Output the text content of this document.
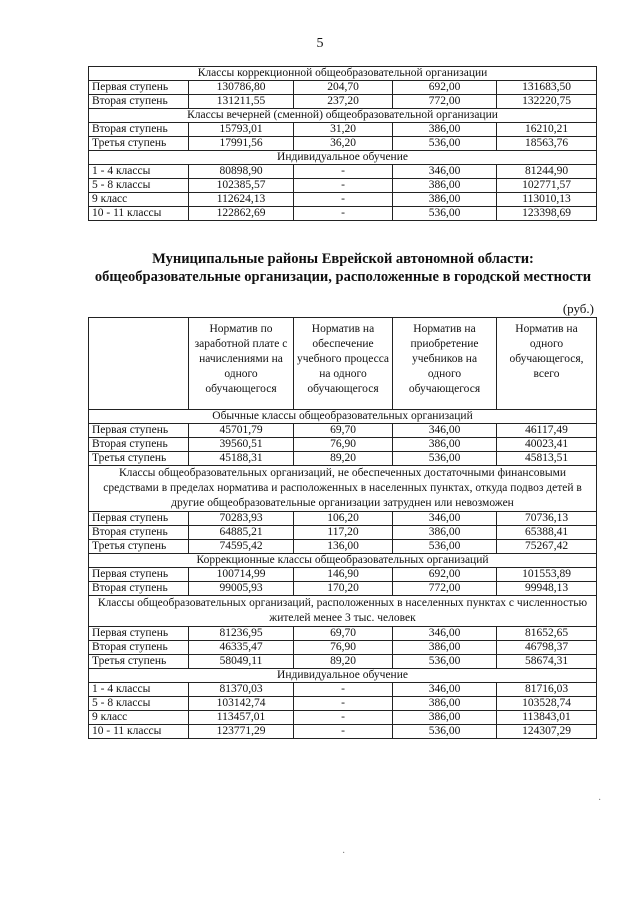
5
Классы коррекционной общеобразовательной организации				
Первая ступень	130786,80	204,70	692,00	131683,50
Вторая ступень	131211,55	237,20	772,00	132220,75
Классы вечерней (сменной) общеобразовательной организации				
Вторая ступень	15793,01	31,20	386,00	16210,21
Третья ступень	17991,56	36,20	536,00	18563,76
Индивидуальное обучение				
1 - 4 классы	80898,90	-	346,00	81244,90
5 - 8 классы	102385,57	-	386,00	102771,57
9 класс	112624,13	-	386,00	113010,13
10 - 11 классы	122862,69	-	536,00	123398,69
Муниципальные районы Еврейской автономной области: общеобразовательные организации, расположенные в городской местности
(руб.)
	Норматив по заработной плате с начислениями на одного обучающегося	Норматив на обеспечение учебного процесса на одного обучающегося	Норматив на приобретение учебников на одного обучающегося	Норматив на одного обучающегося, всего
Обычные классы общеобразовательных организаций				
Первая ступень	45701,79	69,70	346,00	46117,49
Вторая ступень	39560,51	76,90	386,00	40023,41
Третья ступень	45188,31	89,20	536,00	45813,51
Классы общеобразовательных организаций, не обеспеченных достаточными финансовыми средствами в пределах норматива и расположенных в населенных пунктах, откуда подвоз детей в другие общеобразовательные организации затруднен или невозможен				
Первая ступень	70283,93	106,20	346,00	70736,13
Вторая ступень	64885,21	117,20	386,00	65388,41
Третья ступень	74595,42	136,00	536,00	75267,42
Коррекционные классы общеобразовательных организаций				
Первая ступень	100714,99	146,90	692,00	101553,89
Вторая ступень	99005,93	170,20	772,00	99948,13
Классы общеобразовательных организаций, расположенных в населенных пунктах с численностью жителей менее 3 тыс. человек				
Первая ступень	81236,95	69,70	346,00	81652,65
Вторая ступень	46335,47	76,90	386,00	46798,37
Третья ступень	58049,11	89,20	536,00	58674,31
Индивидуальное обучение				
1 - 4 классы	81370,03	-	346,00	81716,03
5 - 8 классы	103142,74	-	386,00	103528,74
9 класс	113457,01	-	386,00	113843,01
10 - 11 классы	123771,29	-	536,00	124307,29
·
·
